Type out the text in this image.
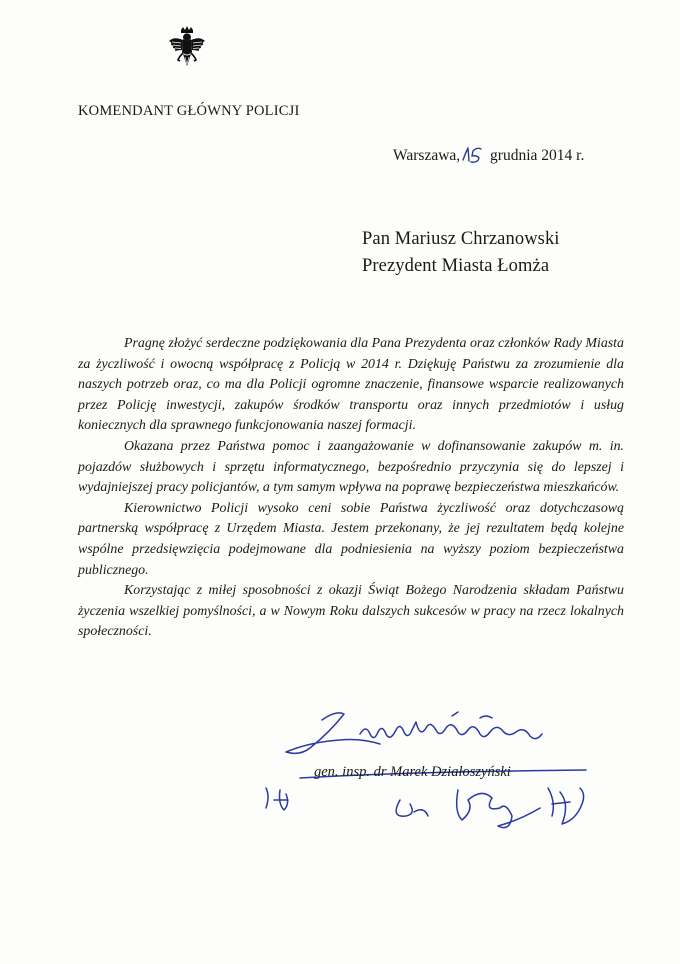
KOMENDANT GŁÓWNY POLICJI
Warszawa, grudnia 2014 r.
Pan Mariusz Chrzanowski
Prezydent Miasta Łomża

Pragnę złożyć serdeczne podziękowania dla Pana Prezydenta oraz członków Rady Miasta za życzliwość i owocną współpracę z Policją w 2014 r. Dziękuję Państwu za zrozumienie dla naszych potrzeb oraz, co ma dla Policji ogromne znaczenie, finansowe wsparcie realizowanych przez Policję inwestycji, zakupów środków transportu oraz innych przedmiotów i usług koniecznych dla sprawnego funkcjonowania naszej formacji.

Okazana przez Państwa pomoc i zaangażowanie w dofinansowanie zakupów m. in. pojazdów służbowych i sprzętu informatycznego, bezpośrednio przyczynia się do lepszej i wydajniejszej pracy policjantów, a tym samym wpływa na poprawę bezpieczeństwa mieszkańców.

Kierownictwo Policji wysoko ceni sobie Państwa życzliwość oraz dotychczasową partnerską współpracę z Urzędem Miasta. Jestem przekonany, że jej rezultatem będą kolejne wspólne przedsięwzięcia podejmowane dla podniesienia na wyższy poziom bezpieczeństwa publicznego.

Korzystając z miłej sposobności z okazji Świąt Bożego Narodzenia składam Państwu życzenia wszelkiej pomyślności, a w Nowym Roku dalszych sukcesów w pracy na rzecz lokalnych społeczności.

gen. insp. dr Marek Działoszyński
